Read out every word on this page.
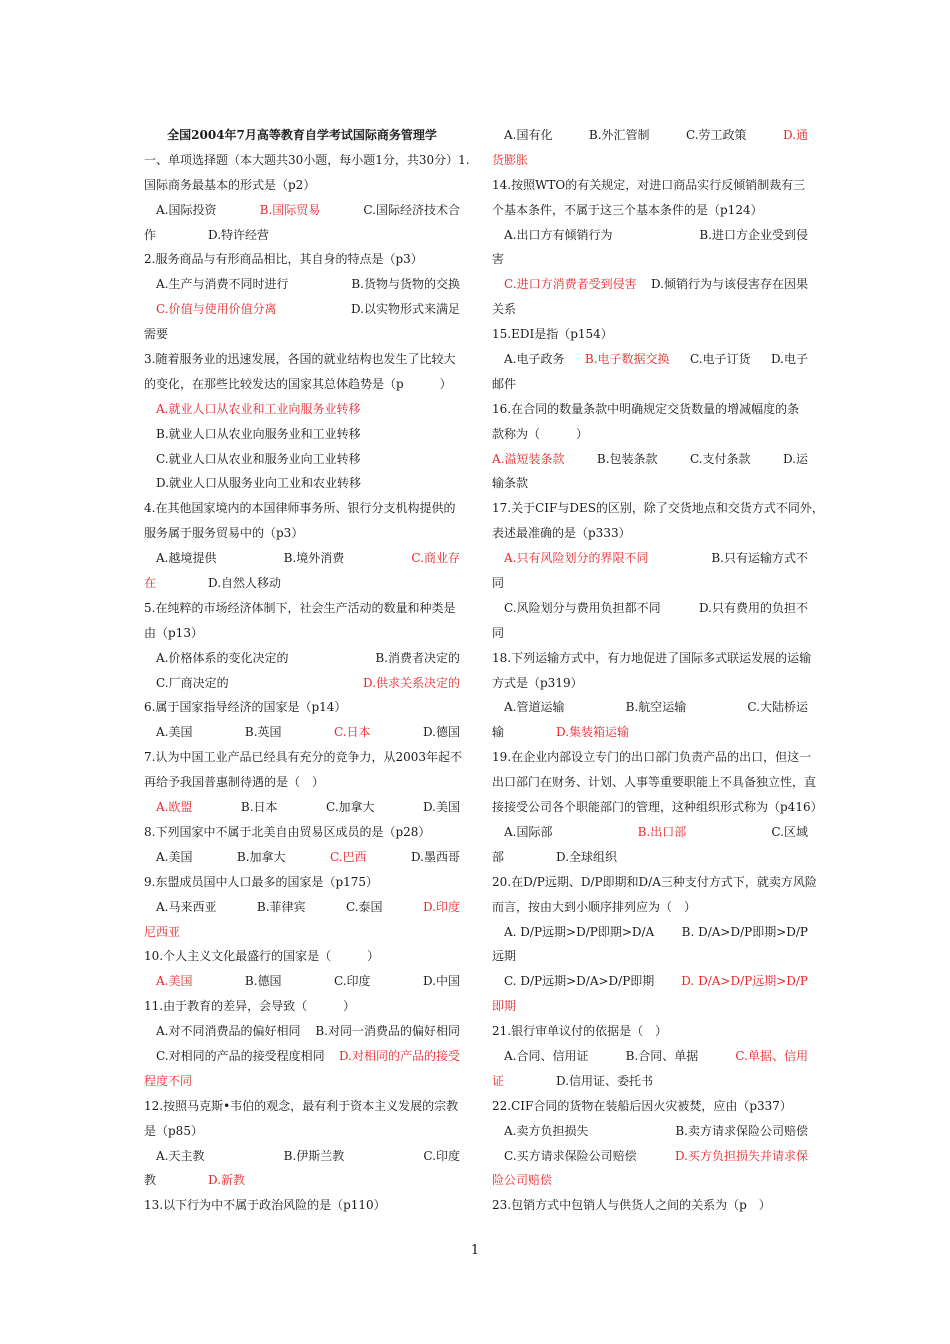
全国2004年7月高等教育自学考试国际商务管理学
一、单项选择题（本大题共30小题，每小题1分，共30分）1.
国际商务最基本的形式是（p2）
A.国际投资	B.国际贸易	C.国际经济技术合
作	D.特许经营
2.服务商品与有形商品相比，其自身的特点是（p3）
A.生产与消费不同时进行	B.货物与货物的交换
C.价值与使用价值分离	D.以实物形式来满足
需要
3.随着服务业的迅速发展，各国的就业结构也发生了比较大
的变化，在那些比较发达的国家其总体趋势是（p　　　）
A.就业人口从农业和工业向服务业转移
B.就业人口从农业向服务业和工业转移
C.就业人口从农业和服务业向工业转移
D.就业人口从服务业向工业和农业转移
4.在其他国家境内的本国律师事务所、银行分支机构提供的
服务属于服务贸易中的（p3）
A.越境提供	B.境外消费	C.商业存
在	D.自然人移动
5.在纯粹的市场经济体制下，社会生产活动的数量和种类是
由（p13）
A.价格体系的变化决定的	B.消费者决定的
C.厂商决定的	D.供求关系决定的
6.属于国家指导经济的国家是（p14）
A.美国	B.英国	C.日本	D.德国
7.认为中国工业产品已经具有充分的竞争力，从2003年起不
再给予我国普惠制待遇的是（　）
A.欧盟	B.日本	C.加拿大	D.美国
8.下列国家中不属于北美自由贸易区成员的是（p28）
A.美国	B.加拿大	C.巴西	D.墨西哥
9.东盟成员国中人口最多的国家是（p175）
A.马来西亚	B.菲律宾	C.泰国	D.印度
尼西亚
10.个人主义文化最盛行的国家是（　　　）
A.美国	B.德国	C.印度	D.中国
11.由于教育的差异，会导致（　　　）
A.对不同消费品的偏好相同 B.对同一消费品的偏好相同
C.对相同的产品的接受程度相同 D.对相同的产品的接受
程度不同
12.按照马克斯•韦伯的观念，最有利于资本主义发展的宗教
是（p85）
A.天主教	B.伊斯兰教	C.印度
教	D.新教
13.以下行为中不属于政治风险的是（p110）
A.国有化	B.外汇管制	C.劳工政策	D.通
货膨胀
14.按照WTO的有关规定，对进口商品实行反倾销制裁有三
个基本条件，不属于这三个基本条件的是（p124）
A.出口方有倾销行为	B.进口方企业受到侵
害
C.进口方消费者受到侵害 D.倾销行为与该侵害存在因果
关系
15.EDI是指（p154）
A.电子政务 B.电子数据交换 C.电子订货 D.电子
邮件
16.在合同的数量条款中明确规定交货数量的增减幅度的条
款称为（　　　）
A.溢短装条款	B.包装条款	C.支付条款	D.运
输条款
17.关于CIF与DES的区别，除了交货地点和交货方式不同外，
表述最准确的是（p333）
A.只有风险划分的界限不同	B.只有运输方式不
同
C.风险划分与费用负担都不同	D.只有费用的负担不
同
18.下列运输方式中，有力地促进了国际多式联运发展的运输
方式是（p319）
A.管道运输	B.航空运输	C.大陆桥运
输	D.集装箱运输
19.在企业内部设立专门的出口部门负责产品的出口，但这一
出口部门在财务、计划、人事等重要职能上不具备独立性，直
接接受公司各个职能部门的管理，这种组织形式称为（p416）
A.国际部	B.出口部	C.区域
部	D.全球组织
20.在D/P远期、D/P即期和D/A三种支付方式下，就卖方风险
而言，按由大到小顺序排列应为（　）
A. D/P远期>D/P即期>D/A B. D/A>D/P即期>D/P
远期
C. D/P远期>D/A>D/P即期 D. D/A>D/P远期>D/P
即期
21.银行审单议付的依据是（　）
A.合同、信用证	B.合同、单据	C.单据、信用
证	D.信用证、委托书
22.CIF合同的货物在装船后因火灾被焚，应由（p337）
A.卖方负担损失	B.卖方请求保险公司赔偿
C.买方请求保险公司赔偿	D.买方负担损失并请求保
险公司赔偿
23.包销方式中包销人与供货人之间的关系为（p　）
1
